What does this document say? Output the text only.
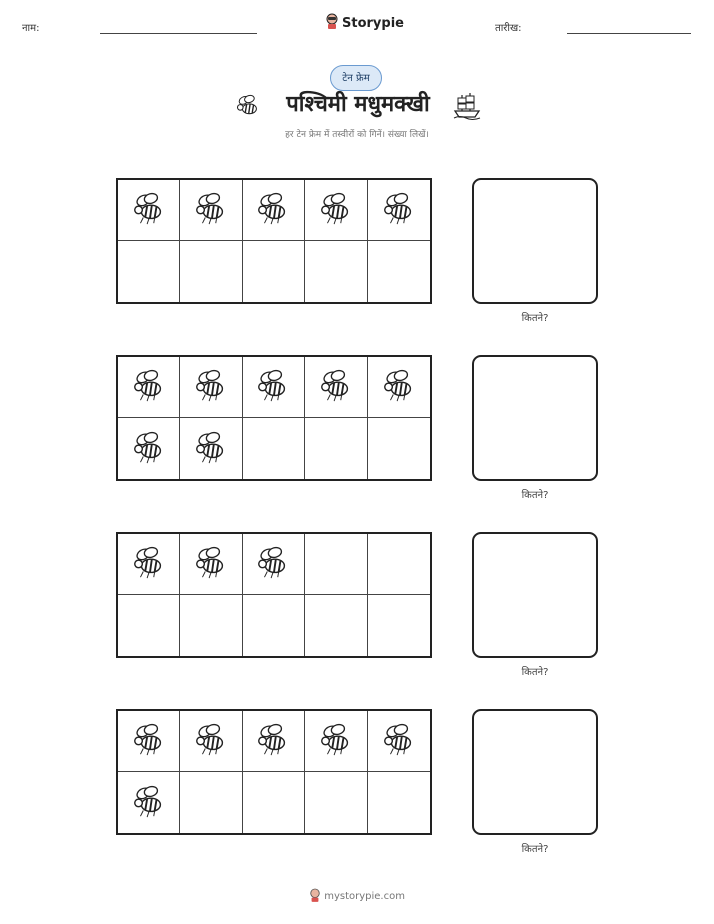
नाम:	Storypie	तारीख:
टेन फ्रेम
पश्चिमी मधुमक्खी
हर टेन फ्रेम में तस्वीरों को गिनें। संख्या लिखें।
कितने?
कितने?
कितने?
कितने?
mystorypie.com
